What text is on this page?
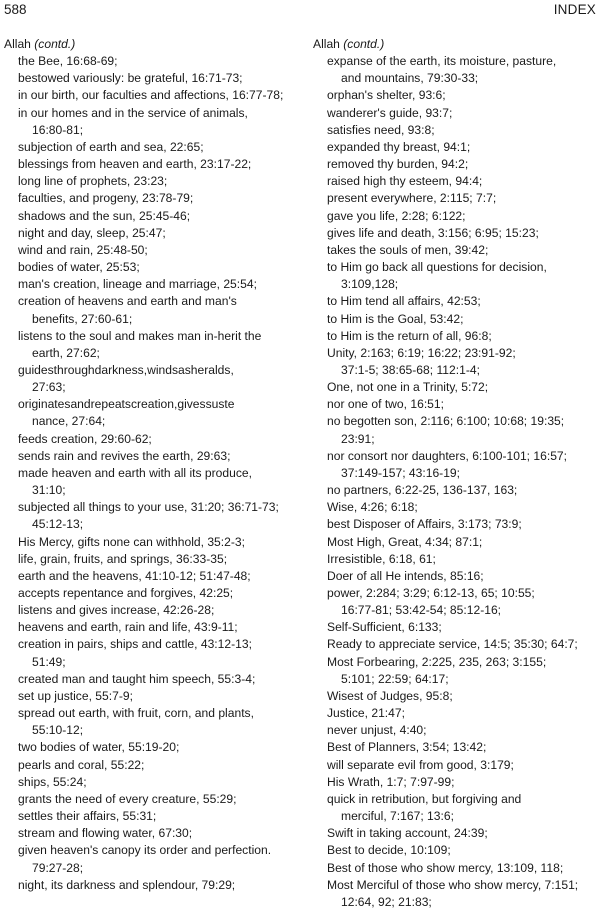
588	INDEX
Allah (contd.)
the Bee, 16:68-69;
bestowed variously: be grateful, 16:71-73;
in our birth, our faculties and affections, 16:77-78;
in our homes and in the service of animals,
16:80-81;
subjection of earth and sea, 22:65;
blessings from heaven and earth, 23:17-22;
long line of prophets, 23:23;
faculties, and progeny, 23:78-79;
shadows and the sun, 25:45-46;
night and day, sleep, 25:47;
wind and rain, 25:48-50;
bodies of water, 25:53;
man's creation, lineage and marriage, 25:54;
creation of heavens and earth and man's
benefits, 27:60-61;
listens to the soul and makes man in-herit the
earth, 27:62;
guidesthroughdarkness,windsasheralds,
27:63;
originatesandrepeatscreation,givessuste
nance, 27:64;
feeds creation, 29:60-62;
sends rain and revives the earth, 29:63;
made heaven and earth with all its produce,
31:10;
subjected all things to your use, 31:20; 36:71-73;
45:12-13;
His Mercy, gifts none can withhold, 35:2-3;
life, grain, fruits, and springs, 36:33-35;
earth and the heavens, 41:10-12; 51:47-48;
accepts repentance and forgives, 42:25;
listens and gives increase, 42:26-28;
heavens and earth, rain and life, 43:9-11;
creation in pairs, ships and cattle, 43:12-13;
51:49;
created man and taught him speech, 55:3-4;
set up justice, 55:7-9;
spread out earth, with fruit, corn, and plants,
55:10-12;
two bodies of water, 55:19-20;
pearls and coral, 55:22;
ships, 55:24;
grants the need of every creature, 55:29;
settles their affairs, 55:31;
stream and flowing water, 67:30;
given heaven's canopy its order and perfection.
79:27-28;
night, its darkness and splendour, 79:29;
Allah (contd.)
expanse of the earth, its moisture, pasture,
and mountains, 79:30-33;
orphan's shelter, 93:6;
wanderer's guide, 93:7;
satisfies need, 93:8;
expanded thy breast, 94:1;
removed thy burden, 94:2;
raised high thy esteem, 94:4;
present everywhere, 2:115; 7:7;
gave you life, 2:28; 6:122;
gives life and death, 3:156; 6:95; 15:23;
takes the souls of men, 39:42;
to Him go back all questions for decision,
3:109,128;
to Him tend all affairs, 42:53;
to Him is the Goal, 53:42;
to Him is the return of all, 96:8;
Unity, 2:163; 6:19; 16:22; 23:91-92;
37:1-5; 38:65-68; 112:1-4;
One, not one in a Trinity, 5:72;
nor one of two, 16:51;
no begotten son, 2:116; 6:100; 10:68; 19:35;
23:91;
nor consort nor daughters, 6:100-101; 16:57;
37:149-157; 43:16-19;
no partners, 6:22-25, 136-137, 163;
Wise, 4:26; 6:18;
best Disposer of Affairs, 3:173; 73:9;
Most High, Great, 4:34; 87:1;
Irresistible, 6:18, 61;
Doer of all He intends, 85:16;
power, 2:284; 3:29; 6:12-13, 65; 10:55;
16:77-81; 53:42-54; 85:12-16;
Self-Sufficient, 6:133;
Ready to appreciate service, 14:5; 35:30; 64:7;
Most Forbearing, 2:225, 235, 263; 3:155;
5:101; 22:59; 64:17;
Wisest of Judges, 95:8;
Justice, 21:47;
never unjust, 4:40;
Best of Planners, 3:54; 13:42;
will separate evil from good, 3:179;
His Wrath, 1:7; 7:97-99;
quick in retribution, but forgiving and
merciful, 7:167; 13:6;
Swift in taking account, 24:39;
Best to decide, 10:109;
Best of those who show mercy, 13:109, 118;
Most Merciful of those who show mercy, 7:151;
12:64, 92; 21:83;
